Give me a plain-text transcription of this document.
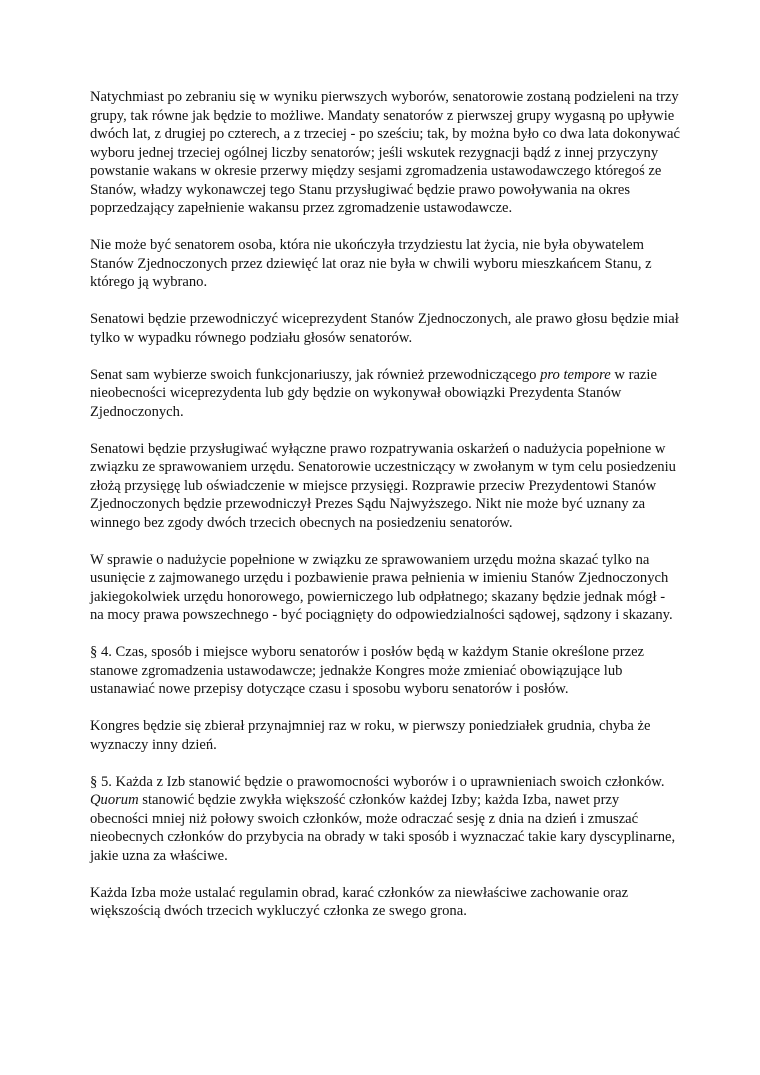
Natychmiast po zebraniu się w wyniku pierwszych wyborów, senatorowie zostaną podzieleni na trzy grupy, tak równe jak będzie to możliwe. Mandaty senatorów z pierwszej grupy wygasną po upływie dwóch lat, z drugiej po czterech, a z trzeciej - po sześciu; tak, by można było co dwa lata dokonywać wyboru jednej trzeciej ogólnej liczby senatorów; jeśli wskutek rezygnacji bądź z innej przyczyny powstanie wakans w okresie przerwy między sesjami zgromadzenia ustawodawczego któregoś ze Stanów, władzy wykonawczej tego Stanu przysługiwać będzie prawo powoływania na okres poprzedzający zapełnienie wakansu przez zgromadzenie ustawodawcze.

Nie może być senatorem osoba, która nie ukończyła trzydziestu lat życia, nie była obywatelem Stanów Zjednoczonych przez dziewięć lat oraz nie była w chwili wyboru mieszkańcem Stanu, z którego ją wybrano.

Senatowi będzie przewodniczyć wiceprezydent Stanów Zjednoczonych, ale prawo głosu będzie miał tylko w wypadku równego podziału głosów senatorów.

Senat sam wybierze swoich funkcjonariuszy, jak również przewodniczącego pro tempore w razie nieobecności wiceprezydenta lub gdy będzie on wykonywał obowiązki Prezydenta Stanów Zjednoczonych.

Senatowi będzie przysługiwać wyłączne prawo rozpatrywania oskarżeń o nadużycia popełnione w związku ze sprawowaniem urzędu. Senatorowie uczestniczący w zwołanym w tym celu posiedzeniu złożą przysięgę lub oświadczenie w miejsce przysięgi. Rozprawie przeciw Prezydentowi Stanów Zjednoczonych będzie przewodniczył Prezes Sądu Najwyższego. Nikt nie może być uznany za winnego bez zgody dwóch trzecich obecnych na posiedzeniu senatorów.

W sprawie o nadużycie popełnione w związku ze sprawowaniem urzędu można skazać tylko na usunięcie z zajmowanego urzędu i pozbawienie prawa pełnienia w imieniu Stanów Zjednoczonych jakiegokolwiek urzędu honorowego, powierniczego lub odpłatnego; skazany będzie jednak mógł - na mocy prawa powszechnego - być pociągnięty do odpowiedzialności sądowej, sądzony i skazany.

§ 4. Czas, sposób i miejsce wyboru senatorów i posłów będą w każdym Stanie określone przez stanowe zgromadzenia ustawodawcze; jednakże Kongres może zmieniać obowiązujące lub ustanawiać nowe przepisy dotyczące czasu i sposobu wyboru senatorów i posłów.

Kongres będzie się zbierał przynajmniej raz w roku, w pierwszy poniedziałek grudnia, chyba że wyznaczy inny dzień.

§ 5. Każda z Izb stanowić będzie o prawomocności wyborów i o uprawnieniach swoich członków. Quorum stanowić będzie zwykła większość członków każdej Izby; każda Izba, nawet przy obecności mniej niż połowy swoich członków, może odraczać sesję z dnia na dzień i zmuszać nieobecnych członków do przybycia na obrady w taki sposób i wyznaczać takie kary dyscyplinarne, jakie uzna za właściwe.

Każda Izba może ustalać regulamin obrad, karać członków za niewłaściwe zachowanie oraz większością dwóch trzecich wykluczyć członka ze swego grona.
